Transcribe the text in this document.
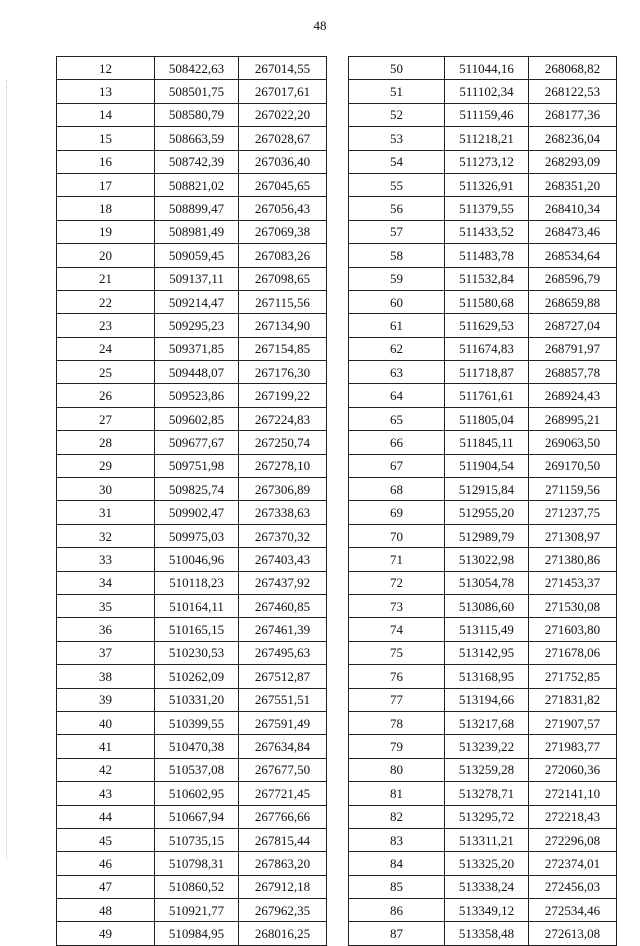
48
12	508422,63	267014,55
13	508501,75	267017,61
14	508580,79	267022,20
15	508663,59	267028,67
16	508742,39	267036,40
17	508821,02	267045,65
18	508899,47	267056,43
19	508981,49	267069,38
20	509059,45	267083,26
21	509137,11	267098,65
22	509214,47	267115,56
23	509295,23	267134,90
24	509371,85	267154,85
25	509448,07	267176,30
26	509523,86	267199,22
27	509602,85	267224,83
28	509677,67	267250,74
29	509751,98	267278,10
30	509825,74	267306,89
31	509902,47	267338,63
32	509975,03	267370,32
33	510046,96	267403,43
34	510118,23	267437,92
35	510164,11	267460,85
36	510165,15	267461,39
37	510230,53	267495,63
38	510262,09	267512,87
39	510331,20	267551,51
40	510399,55	267591,49
41	510470,38	267634,84
42	510537,08	267677,50
43	510602,95	267721,45
44	510667,94	267766,66
45	510735,15	267815,44
46	510798,31	267863,20
47	510860,52	267912,18
48	510921,77	267962,35
49	510984,95	268016,25
50	511044,16	268068,82
51	511102,34	268122,53
52	511159,46	268177,36
53	511218,21	268236,04
54	511273,12	268293,09
55	511326,91	268351,20
56	511379,55	268410,34
57	511433,52	268473,46
58	511483,78	268534,64
59	511532,84	268596,79
60	511580,68	268659,88
61	511629,53	268727,04
62	511674,83	268791,97
63	511718,87	268857,78
64	511761,61	268924,43
65	511805,04	268995,21
66	511845,11	269063,50
67	511904,54	269170,50
68	512915,84	271159,56
69	512955,20	271237,75
70	512989,79	271308,97
71	513022,98	271380,86
72	513054,78	271453,37
73	513086,60	271530,08
74	513115,49	271603,80
75	513142,95	271678,06
76	513168,95	271752,85
77	513194,66	271831,82
78	513217,68	271907,57
79	513239,22	271983,77
80	513259,28	272060,36
81	513278,71	272141,10
82	513295,72	272218,43
83	513311,21	272296,08
84	513325,20	272374,01
85	513338,24	272456,03
86	513349,12	272534,46
87	513358,48	272613,08
